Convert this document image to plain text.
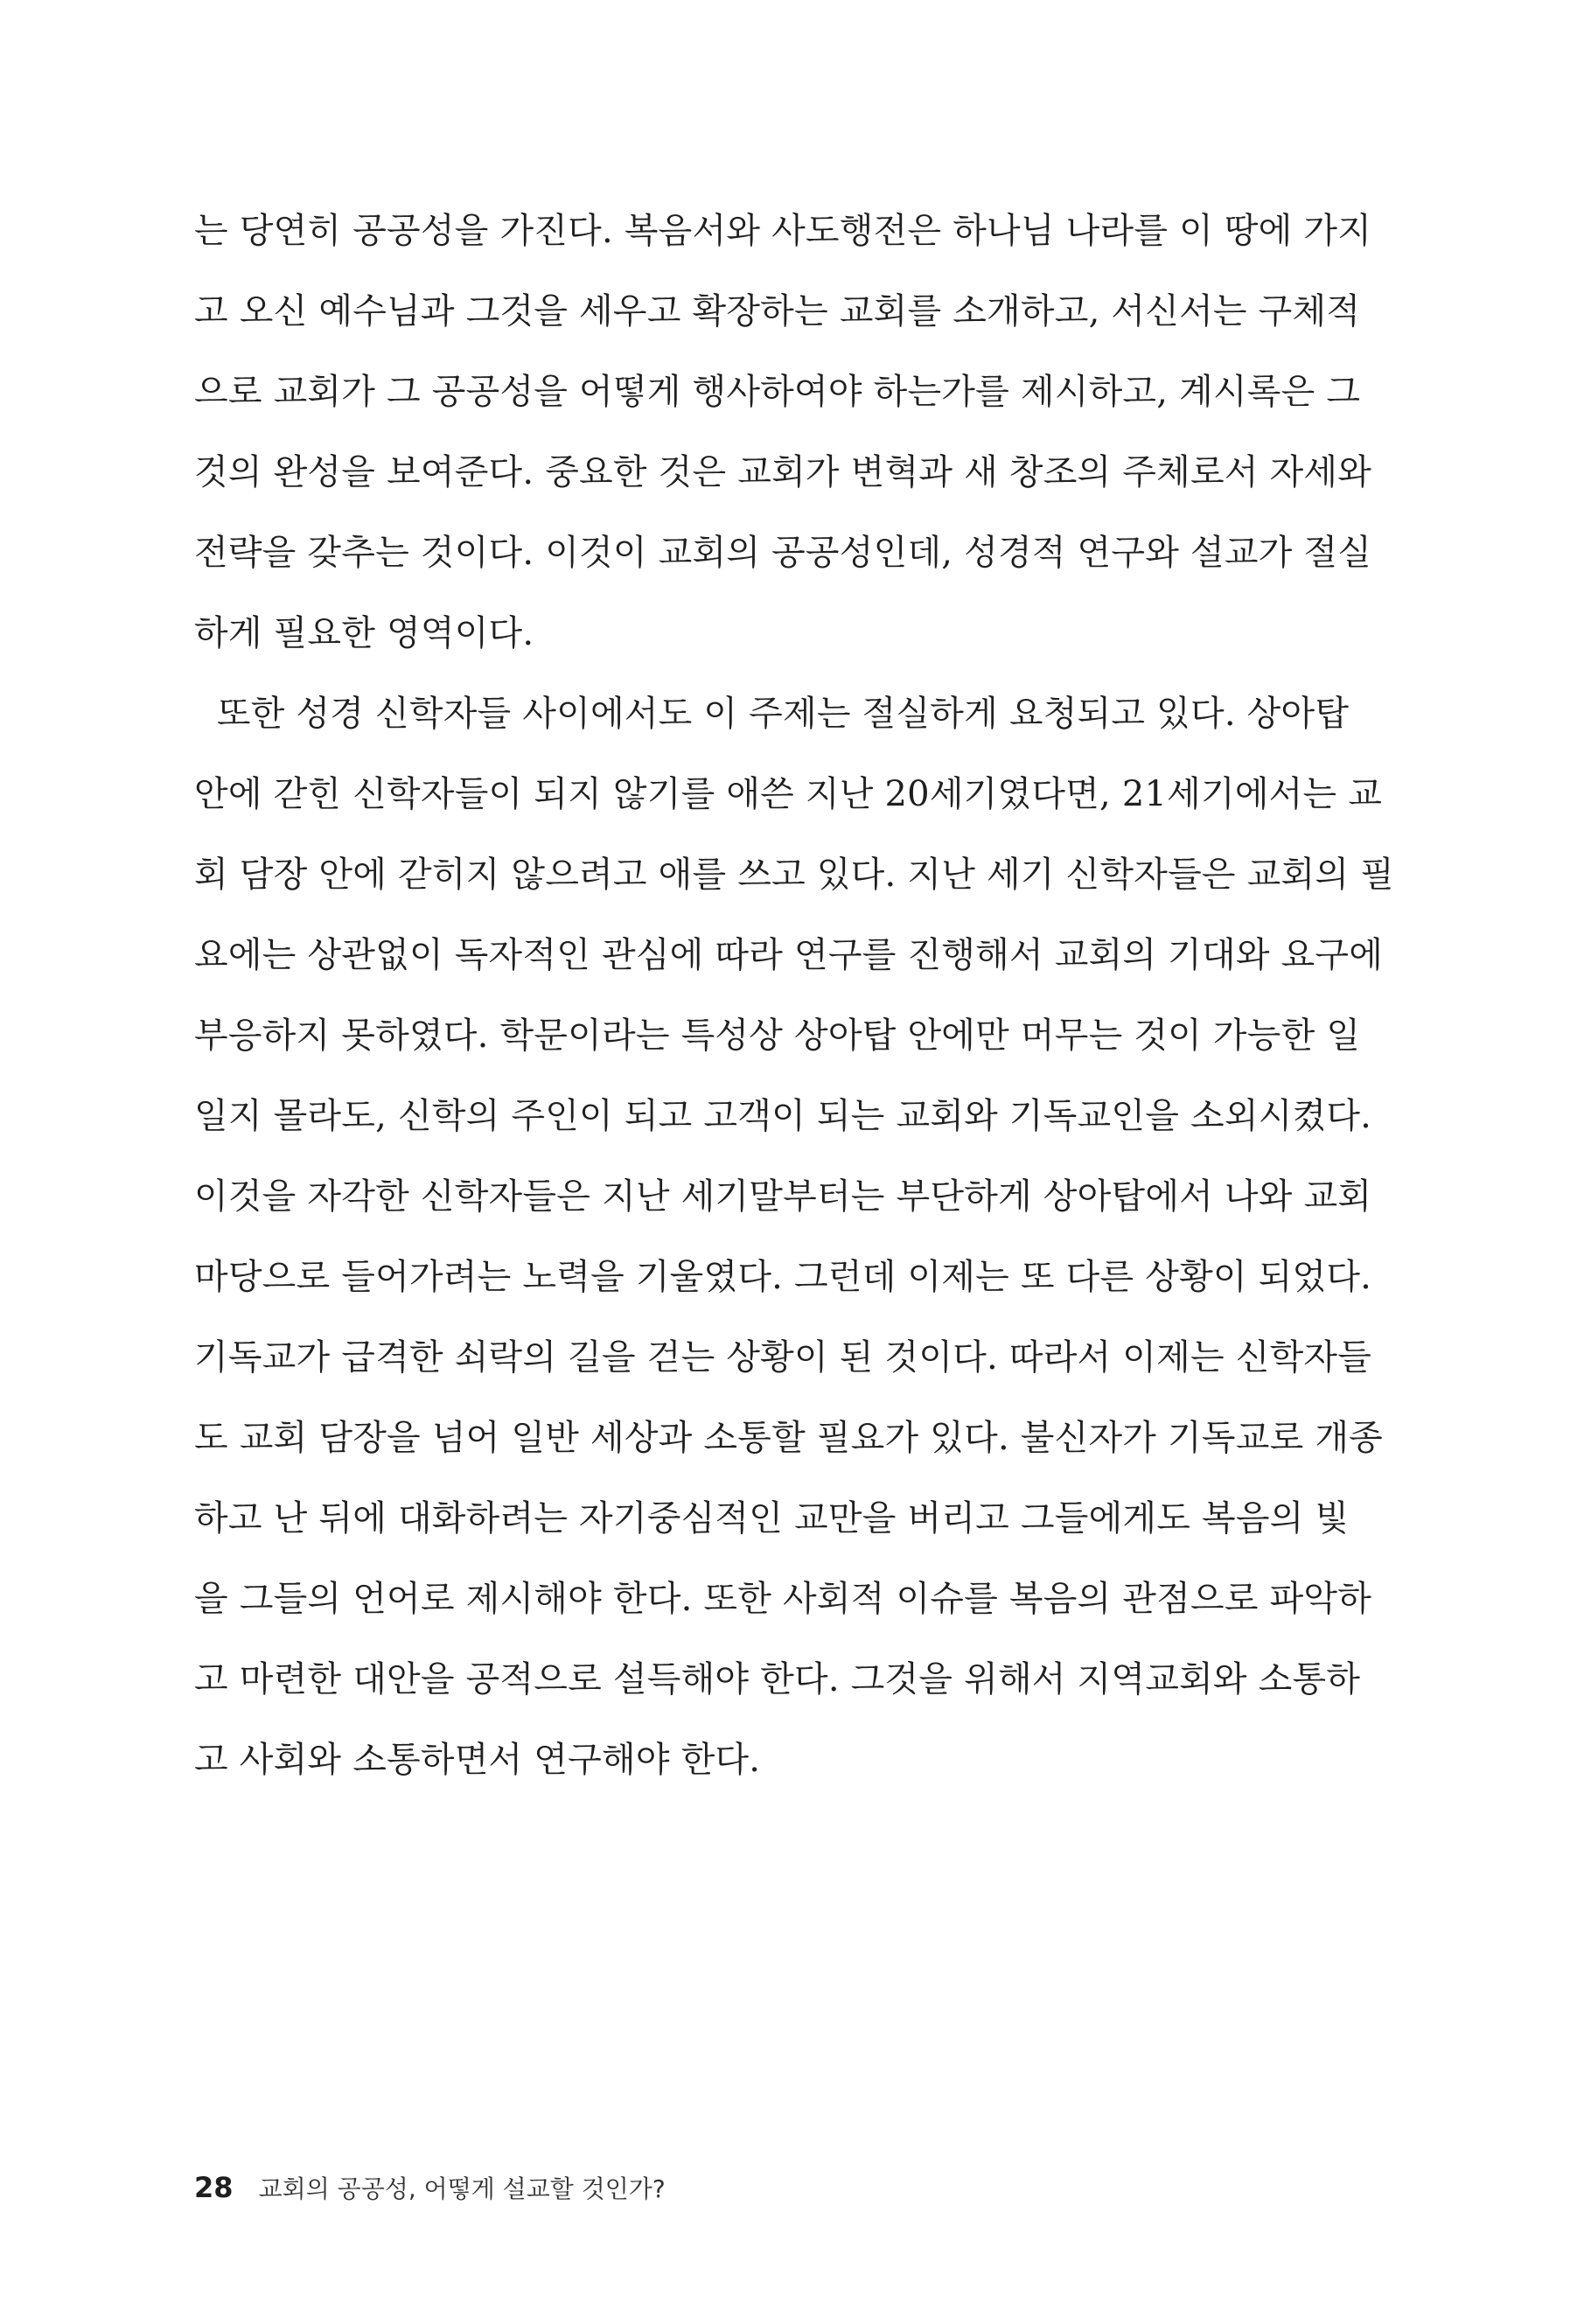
는 당연히 공공성을 가진다. 복음서와 사도행전은 하나님 나라를 이 땅에 가지
고 오신 예수님과 그것을 세우고 확장하는 교회를 소개하고, 서신서는 구체적
으로 교회가 그 공공성을 어떻게 행사하여야 하는가를 제시하고, 계시록은 그
것의 완성을 보여준다. 중요한 것은 교회가 변혁과 새 창조의 주체로서 자세와
전략을 갖추는 것이다. 이것이 교회의 공공성인데, 성경적 연구와 설교가 절실
하게 필요한 영역이다.
또한 성경 신학자들 사이에서도 이 주제는 절실하게 요청되고 있다. 상아탑
안에 갇힌 신학자들이 되지 않기를 애쓴 지난 20세기였다면, 21세기에서는 교
회 담장 안에 갇히지 않으려고 애를 쓰고 있다. 지난 세기 신학자들은 교회의 필
요에는 상관없이 독자적인 관심에 따라 연구를 진행해서 교회의 기대와 요구에
부응하지 못하였다. 학문이라는 특성상 상아탑 안에만 머무는 것이 가능한 일
일지 몰라도, 신학의 주인이 되고 고객이 되는 교회와 기독교인을 소외시켰다.
이것을 자각한 신학자들은 지난 세기말부터는 부단하게 상아탑에서 나와 교회
마당으로 들어가려는 노력을 기울였다. 그런데 이제는 또 다른 상황이 되었다.
기독교가 급격한 쇠락의 길을 걷는 상황이 된 것이다. 따라서 이제는 신학자들
도 교회 담장을 넘어 일반 세상과 소통할 필요가 있다. 불신자가 기독교로 개종
하고 난 뒤에 대화하려는 자기중심적인 교만을 버리고 그들에게도 복음의 빛
을 그들의 언어로 제시해야 한다. 또한 사회적 이슈를 복음의 관점으로 파악하
고 마련한 대안을 공적으로 설득해야 한다. 그것을 위해서 지역교회와 소통하
고 사회와 소통하면서 연구해야 한다.
28 교회의 공공성, 어떻게 설교할 것인가?
